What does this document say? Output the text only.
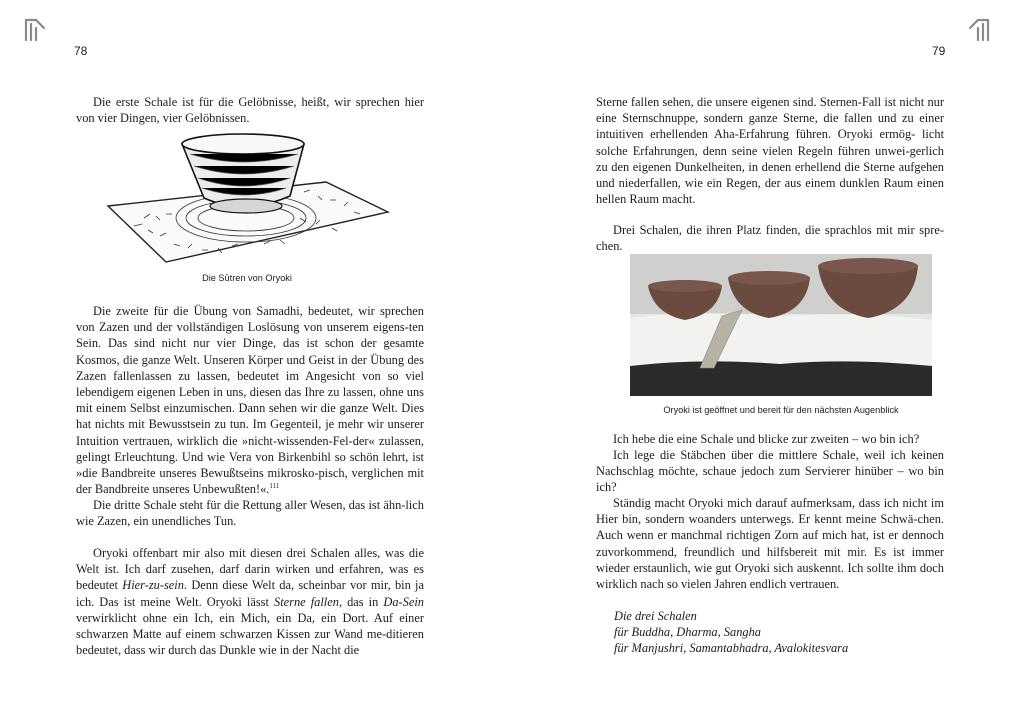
78

Die erste Schale ist für die Gelöbnisse, heißt, wir sprechen hier von vier Dingen, vier Gelöbnissen.

Die Sūtren von Oryoki

Die zweite für die Übung von Samadhi, bedeutet, wir sprechen von Zazen und der vollständigen Loslösung von unserem eigens-ten Sein. Das sind nicht nur vier Dinge, das ist schon der gesamte Kosmos, die ganze Welt. Unseren Körper und Geist in der Übung des Zazen fallenlassen zu lassen, bedeutet im Angesicht von so viel lebendigem eigenen Leben in uns, diesen das Ihre zu lassen, ohne uns mit einem Selbst einzumischen. Dann sehen wir die ganze Welt. Dies hat nichts mit Bewusstsein zu tun. Im Gegenteil, je mehr wir unserer Intuition vertrauen, wirklich die »nicht-wissenden-Fel-der« zulassen, gelingt Erleuchtung. Und wie Vera von Birkenbihl so schön lehrt, ist »die Bandbreite unseres Bewußtseins mikrosko-pisch, verglichen mit der Bandbreite unseres Unbewußten!«.$^{111}$

Die dritte Schale steht für die Rettung aller Wesen, das ist ähn-lich wie Zazen, ein unendliches Tun.

Oryoki offenbart mir also mit diesen drei Schalen alles, was die Welt ist. Ich darf zusehen, darf darin wirken und erfahren, was es bedeutet Hier-zu-sein. Denn diese Welt da, scheinbar vor mir, bin ja ich. Das ist meine Welt. Oryoki lässt Sterne fallen, das in Da-Sein verwirklicht ohne ein Ich, ein Mich, ein Da, ein Dort. Auf einer schwarzen Matte auf einem schwarzen Kissen zur Wand me-ditieren bedeutet, dass wir durch das Dunkle wie in der Nacht die

79

Sterne fallen sehen, die unsere eigenen sind. Sternen-Fall ist nicht nur eine Sternschnuppe, sondern ganze Sterne, die fallen und zu einer intuitiven erhellenden Aha-Erfahrung führen. Oryoki ermög- licht solche Erfahrungen, denn seine vielen Regeln führen unwei-gerlich zu den eigenen Dunkelheiten, in denen erhellend die Sterne aufgehen und niederfallen, wie ein Regen, der aus einem dunklen Raum einen hellen Raum macht.

Drei Schalen, die ihren Platz finden, die sprachlos mit mir spre-chen.

Oryoki ist geöffnet und bereit für den nächsten Augenblick

Ich hebe die eine Schale und blicke zur zweiten – wo bin ich?

Ich lege die Stäbchen über die mittlere Schale, weil ich keinen Nachschlag möchte, schaue jedoch zum Servierer hinüber – wo bin ich?

Ständig macht Oryoki mich darauf aufmerksam, dass ich nicht im Hier bin, sondern woanders unterwegs. Er kennt meine Schwä-chen. Auch wenn er manchmal richtigen Zorn auf mich hat, ist er dennoch zuvorkommend, freundlich und hilfsbereit mit mir. Es ist immer wieder erstaunlich, wie gut Oryoki sich auskennt. Ich sollte ihm doch wirklich nach so vielen Jahren endlich vertrauen.

Die drei Schalen
für Buddha, Dharma, Sangha
für Manjushri, Samantabhadra, Avalokitesvara
